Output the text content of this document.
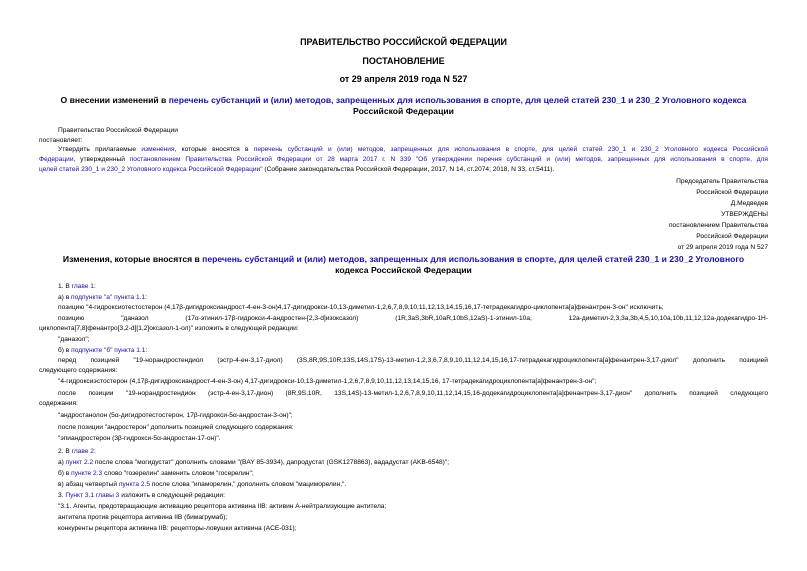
ПРАВИТЕЛЬСТВО РОССИЙСКОЙ ФЕДЕРАЦИИ
ПОСТАНОВЛЕНИЕ
от 29 апреля 2019 года N 527
О внесении изменений в перечень субстанций и (или) методов, запрещенных для использования в спорте, для целей статей 230_1 и 230_2 Уголовного кодекса
Российской Федерации
Правительство Российской Федерации
постановляет:
Утвердить прилагаемые изменения, которые вносятся в перечень субстанций и (или) методов, запрещенных для использования в спорте, для целей статей 230_1 и 230_2 Уголовного кодекса Российской
Федерации, утвержденный постановлением Правительства Российской Федерации от 28 марта 2017 г. N 339 "Об утверждении перечня субстанций и (или) методов, запрещенных для использования в спорте, для
целей статей 230_1 и 230_2 Уголовного кодекса Российской Федерации" (Собрание законодательства Российской Федерации, 2017, N 14, ст.2074; 2018, N 33, ст.5411).
Председатель Правительства
Российской Федерации
Д.Медведев
УТВЕРЖДЕНЫ
постановлением Правительства
Российской Федерации
от 29 апреля 2019 года N 527
Изменения, которые вносятся в перечень субстанций и (или) методов, запрещенных для использования в спорте, для целей статей 230_1 и 230_2 Уголовного
кодекса Российской Федерации
1. В главе 1:
а) в подпункте "а" пункта 1.1:
позицию "4-гидроксиотестостерон (4,17β-дигидроксиандрост-4-ен-3-он)4,17-дигидрокси-10,13-диметил-1,2,6,7,8,9,10,11,12,13,14,15,16,17-тетрадекагидро-циклопента[а]фенантрен-3-он" исключить;
позицию "даназол (17α-этинил-17β-гидрокси-4-андростен-[2,3-d]изоксазол) (1R,3aS,3bR,10aR,10bS,12aS)-1-этинил-10a, 12a-диметил-2,3,3a,3b,4,5,10,10a,10b,11,12,12a-додекагидро-1H-
циклопента[7,8]фенантро[3,2-d][1,2]оксазол-1-ол)" изложить в следующей редакции:
"даназол";
б) в подпункте "б" пункта 1.1:
перед позицией "19-норандростендиол (эстр-4-ен-3,17-диол) (3S,8R,9S,10R,13S,14S,17S)-13-метил-1,2,3,6,7,8,9,10,11,12,14,15,16,17-тетрадекагидроциклопента[а]фенантрен-3,17-диол" дополнить позицией
следующего содержания:
"4-гидроксиэстостерон (4,17β-дигидроксиандрост-4-ен-3-он) 4,17-дигидрокси-10,13-диметил-1,2,6,7,8,9,10,11,12,13,14,15,16, 17-тетрадекагидроциклопента[а]фенантрен-3-он";
после позиции "19-норандростендион (эстр-4-ен-3,17-дион) (8R,9S,10R, 13S,14S)-13-метил-1,2,6,7,8,9,10,11,12,14,15,16-додекагидроциклопента[а]фенантрен-3,17-дион" дополнить позицией следующего
содержания:
"андростанолон (5α-дигидротестостерон, 17β-гидрокси-5α-андростан-3-он)";
после позиции "андростерон" дополнить позицией следующего содержания:
"эпиандростерон (3β-гидрокси-5α-андростан-17-он)".
2. В главе 2:
а) пункт 2.2 после слова "могидустат" дополнить словами "(BAY 85-3934), дапродустат (GSK1278863), вададустат (AKB-6548)";
б) в пункте 2.3 слово "гозерелин" заменить словом "госерелин";
в) абзац четвертый пункта 2.5 после слова "ипаморелин," дополнить словом "мациморелин,".
3. Пункт 3.1 главы 3 изложить в следующей редакции:
"3.1. Агенты, предотвращающие активацию рецептора активина IIB: активин А-нейтрализующие антитела;
антитела против рецептора активина IIB (бимагрумаб);
конкуренты рецептора активина IIB: рецепторы-ловушки активина (ACE-031);
